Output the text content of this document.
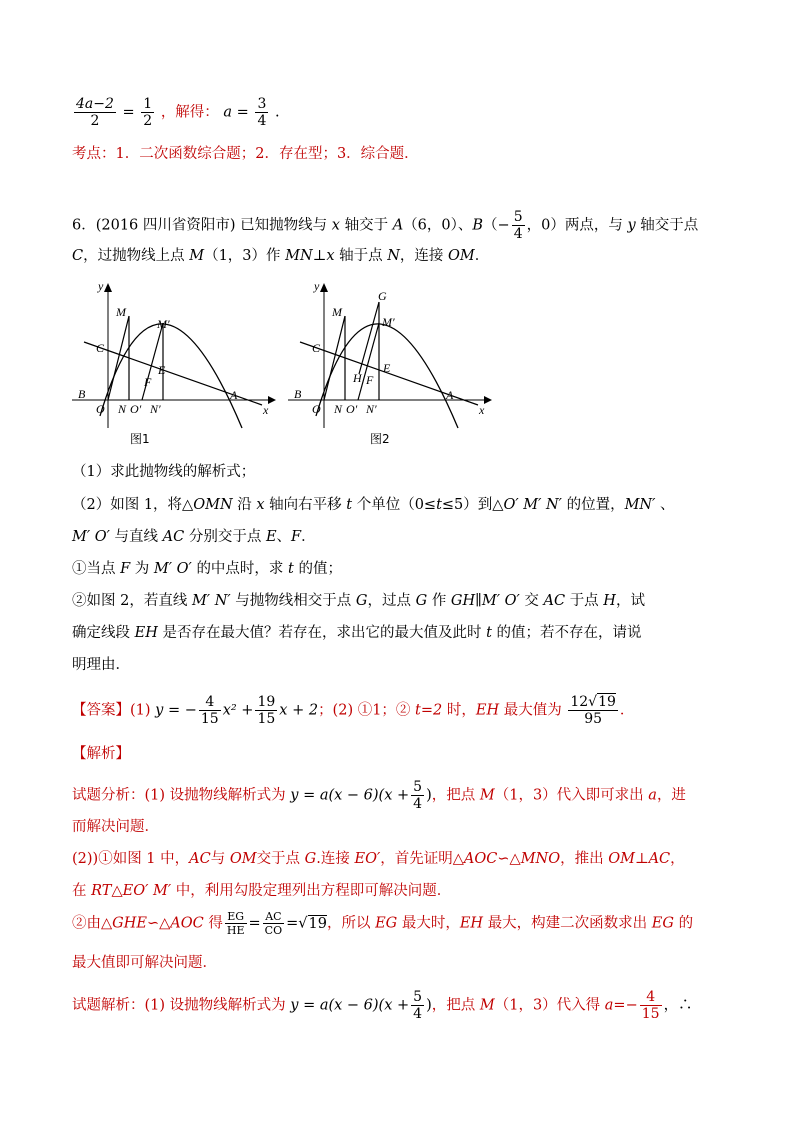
$\frac{4a-2}{2} = \frac{1}{2}$ ，解得： $a = \frac{3}{4}$ .
考点：1．二次函数综合题；2．存在型；3．综合题．
6．(2016 四川省资阳市) 已知抛物线与 x 轴交于 A（6，0）、$B(- \frac{5}{4}$ ，0）两点，与 y 轴交于点
C，过抛物线上点 M（1，3）作 MN⊥x 轴于点 N，连接 OM．
y
x
M
M′
C
E
F
B	A
O N O′ N′
图1
y
x
G
M
M′
C
E
H F
B	A
O N O′ N′
图2
（1）求此抛物线的解析式；
（2）如图 1，将△OMN 沿 x 轴向右平移 t 个单位（0≤t≤5）到△O′ M′ N′ 的位置，MN′ 、
M′ O′ 与直线 AC 分别交于点 E、F．
①当点 F 为 M′ O′ 的中点时，求 t 的值；
②如图 2，若直线 M′ N′ 与抛物线相交于点 G，过点 G 作 GH∥M′ O′ 交 AC 于点 H，试
确定线段 EH 是否存在最大值？若存在，求出它的最大值及此时 t 的值；若不存在，请说
明理由．
【答案】(1) y = − $\frac{4}{15} x^2 + \frac{19}{15}$ x + 2；(2) ①1；② t=2 时，EH 最大值为 $\frac{12√19}{95}$ ．
【解析】
试题分析：(1) 设抛物线解析式为 $y = a(x - 6)(x + \frac{5}{4}$ )，把点 M（1，3）代入即可求出 a，进
而解决问题．
(2))①如图 1 中，AC与 OM交于点 G.连接 EO′，首先证明△AOC∽△MNO，推出 OM⊥AC，
在 RT△EO′ M′ 中，利用勾股定理列出方程即可解决问题．
②由△GHE∽△AOC 得 $\frac{EG}{HE} = \frac{AC}{CO} =√19$，所以 EG 最大时，EH 最大，构建二次函数求出 EG 的
最大值即可解决问题．
试题解析：(1) 设抛物线解析式为 $y = a(x - 6)(x + \frac{5}{4}$ )，把点 M（1，3）代入得 $a=- \frac{4}{15}$ ，∴
